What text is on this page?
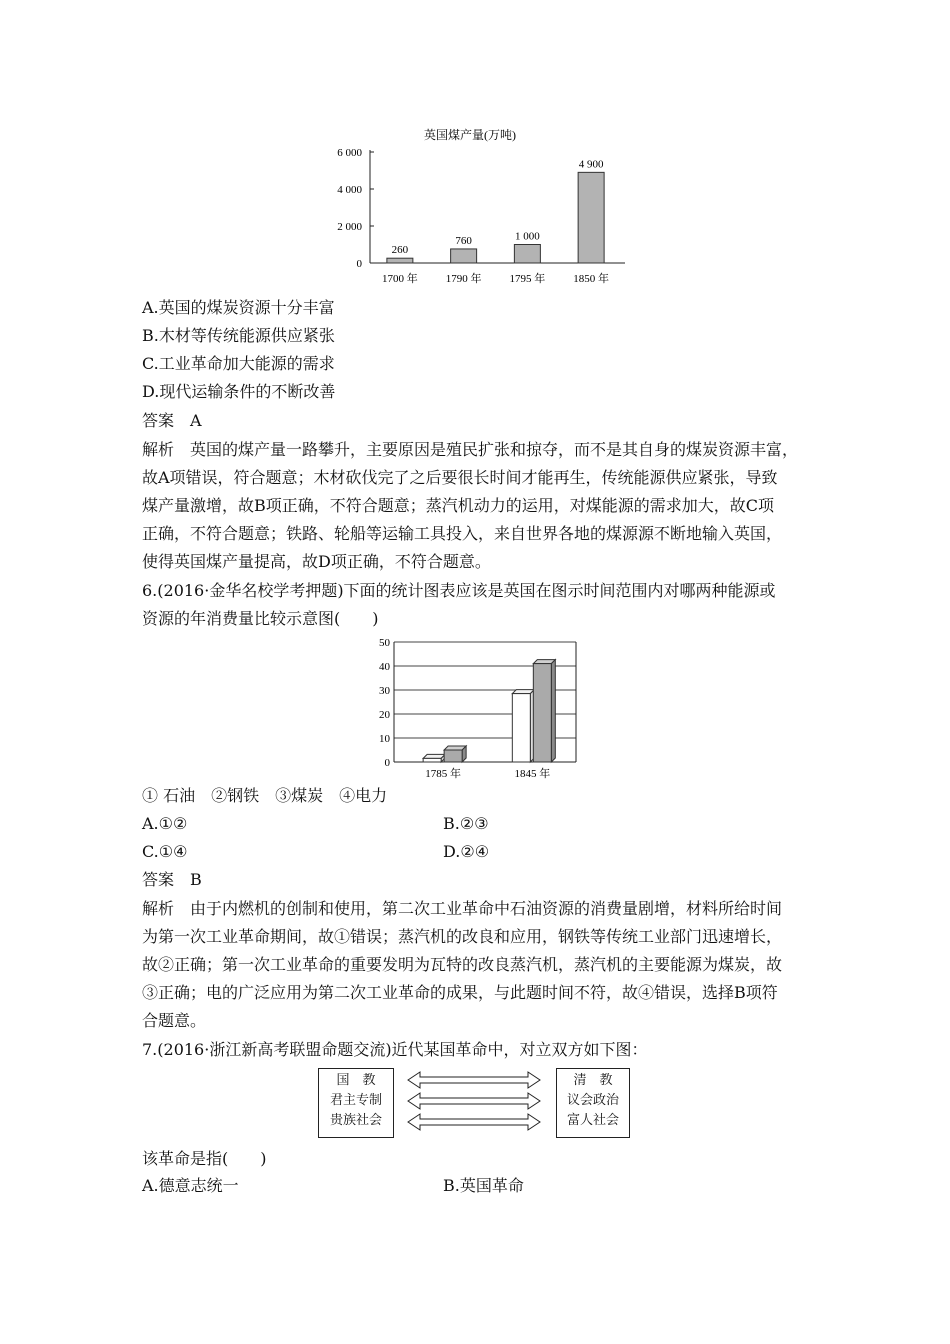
英国煤产量(万吨)
0
2 000
4 000
6 000
260
1700 年
760
1790 年
1 000
1795 年
4 900
1850 年
A.英国的煤炭资源十分丰富
B.木材等传统能源供应紧张
C.工业革命加大能源的需求
D.现代运输条件的不断改善
答案　A
解析　英国的煤产量一路攀升，主要原因是殖民扩张和掠夺，而不是其自身的煤炭资源丰富，
故A项错误，符合题意；木材砍伐完了之后要很长时间才能再生，传统能源供应紧张，导致
煤产量激增，故B项正确，不符合题意；蒸汽机动力的运用，对煤能源的需求加大，故C项
正确，不符合题意；铁路、轮船等运输工具投入，来自世界各地的煤源源不断地输入英国，
使得英国煤产量提高，故D项正确，不符合题意。
6.(2016·金华名校学考押题)下面的统计图表应该是英国在图示时间范围内对哪两种能源或
资源的年消费量比较示意图(　　)
0
10
20
30
40
50
1785 年	1845 年
① 石油　②钢铁　③煤炭　④电力
A.①②	B.②③
C.①④	D.②④
答案　B
解析　由于内燃机的创制和使用，第二次工业革命中石油资源的消费量剧增，材料所给时间
为第一次工业革命期间，故①错误；蒸汽机的改良和应用，钢铁等传统工业部门迅速增长，
故②正确；第一次工业革命的重要发明为瓦特的改良蒸汽机，蒸汽机的主要能源为煤炭，故
③正确；电的广泛应用为第二次工业革命的成果，与此题时间不符，故④错误，选择B项符
合题意。
7.(2016·浙江新高考联盟命题交流)近代某国革命中，对立双方如下图：
国　教
君主专制
贵族社会
清　教
议会政治
富人社会
该革命是指(　　)
A.德意志统一	B.英国革命
